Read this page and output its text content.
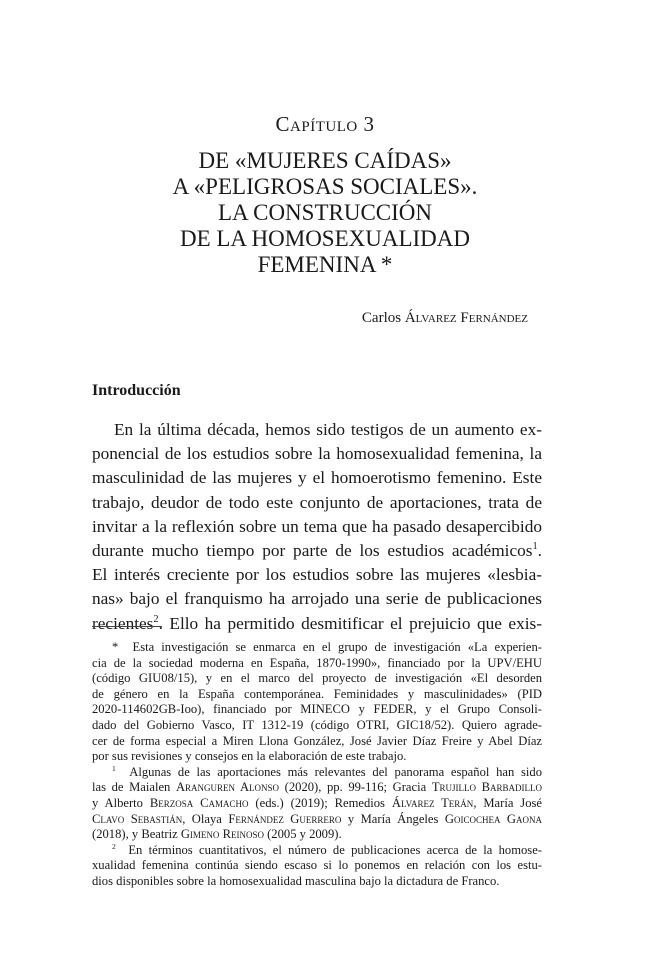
Capítulo 3
DE «MUJERES CAÍDAS»
A «PELIGROSAS SOCIALES».
LA CONSTRUCCIÓN
DE LA HOMOSEXUALIDAD
FEMENINA *
Carlos Álvarez Fernández
Introducción
En la última década, hemos sido testigos de un aumento ex-
ponencial de los estudios sobre la homosexualidad femenina, la
masculinidad de las mujeres y el homoerotismo femenino. Este
trabajo, deudor de todo este conjunto de aportaciones, trata de
invitar a la reflexión sobre un tema que ha pasado desapercibido
durante mucho tiempo por parte de los estudios académicos$^1$.
El interés creciente por los estudios sobre las mujeres «lesbia-
nas» bajo el franquismo ha arrojado una serie de publicaciones
recientes$^2$. Ello ha permitido desmitificar el prejuicio que exis-
* Esta investigación se enmarca en el grupo de investigación «La experien-
cia de la sociedad moderna en España, 1870-1990», financiado por la UPV/EHU
(código GIU08/15), y en el marco del proyecto de investigación «El desorden
de género en la España contemporánea. Feminidades y masculinidades» (PID
2020-114602GB-Ioo), financiado por MINECO y FEDER, y el Grupo Consoli-
dado del Gobierno Vasco, IT 1312-19 (código OTRI, GIC18/52). Quiero agrade-
cer de forma especial a Miren Llona González, José Javier Díaz Freire y Abel Díaz
por sus revisiones y consejos en la elaboración de este trabajo.
$^1$ Algunas de las aportaciones más relevantes del panorama español han sido
las de Maialen Aranguren Alonso (2020), pp. 99-116; Gracia Trujillo Barbadillo
y Alberto Berzosa Camacho (eds.) (2019); Remedios Álvarez Terán, María José
Clavo Sebastián, Olaya Fernández Guerrero y María Ángeles Goicochea Gaona
(2018), y Beatriz Gimeno Reinoso (2005 y 2009).
$^2$ En términos cuantitativos, el número de publicaciones acerca de la homose-
xualidad femenina continúa siendo escaso si lo ponemos en relación con los estu-
dios disponibles sobre la homosexualidad masculina bajo la dictadura de Franco.
